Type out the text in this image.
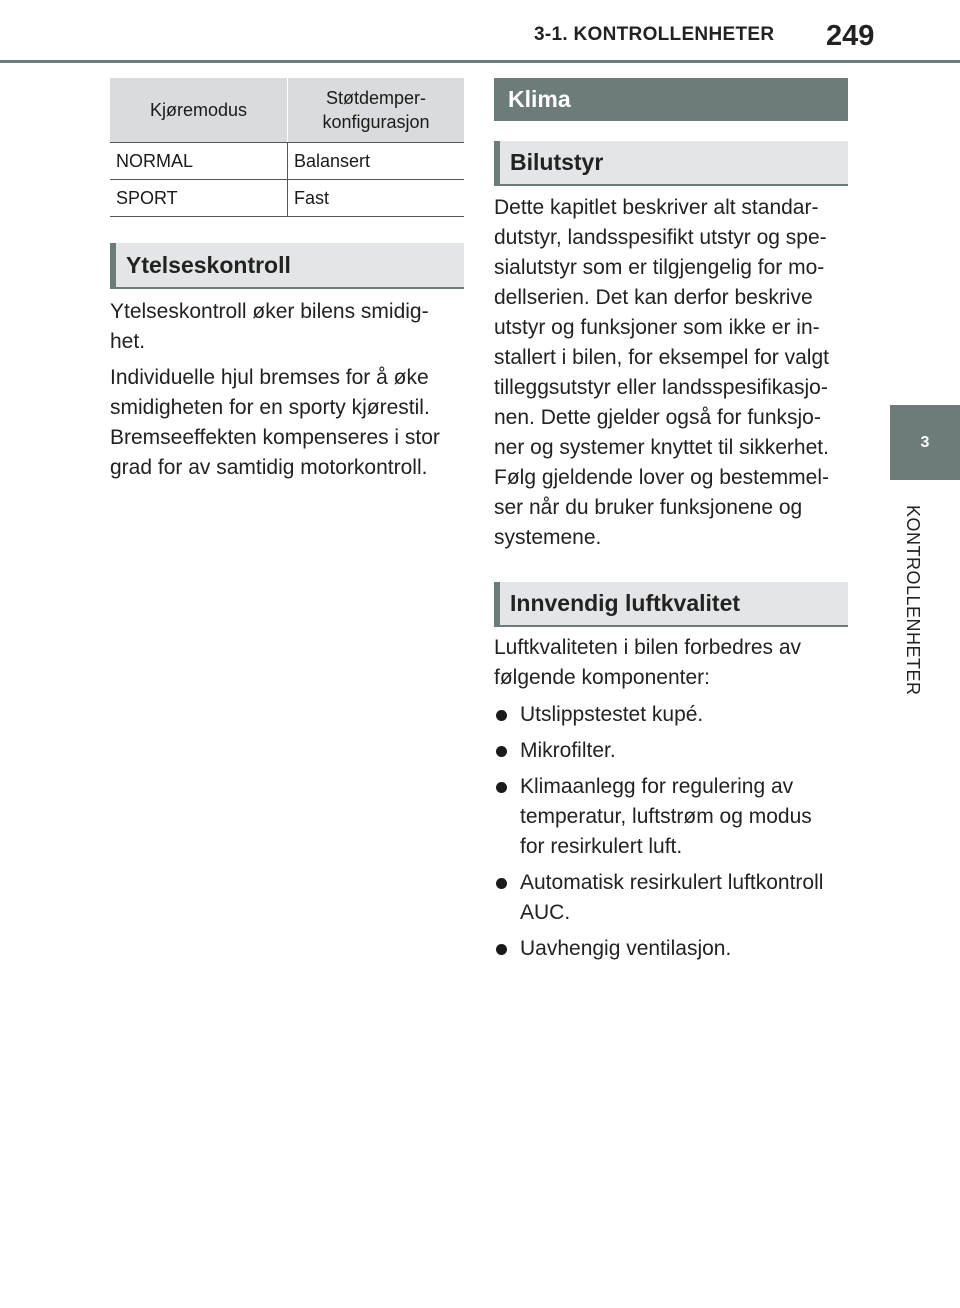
3-1. KONTROLLENHETER 249
3
KONTROLLENHETER
Kjøremodus	Støtdemper-
konfigurasjon
NORMAL	Balansert
SPORT	Fast
Ytelseskontroll

Ytelseskontroll øker bilens smidig-
het.

Individuelle hjul bremses for å øke
smidigheten for en sporty kjørestil.
Bremseeffekten kompenseres i stor
grad for av samtidig motorkontroll.

Klima
Bilutstyr

Dette kapitlet beskriver alt standar-
dutstyr, landsspesifikt utstyr og spe-
sialutstyr som er tilgjengelig for mo-
dellserien. Det kan derfor beskrive
utstyr og funksjoner som ikke er in-
stallert i bilen, for eksempel for valgt
tilleggsutstyr eller landsspesifikasjo-
nen. Dette gjelder også for funksjo-
ner og systemer knyttet til sikkerhet.
Følg gjeldende lover og bestemmel-
ser når du bruker funksjonene og
systemene.

Innvendig luftkvalitet

Luftkvaliteten i bilen forbedres av
følgende komponenter:

Utslippstestet kupé.
Mikrofilter.
Klimaanlegg for regulering av
temperatur, luftstrøm og modus
for resirkulert luft.
Automatisk resirkulert luftkontroll
AUC.
Uavhengig ventilasjon.
